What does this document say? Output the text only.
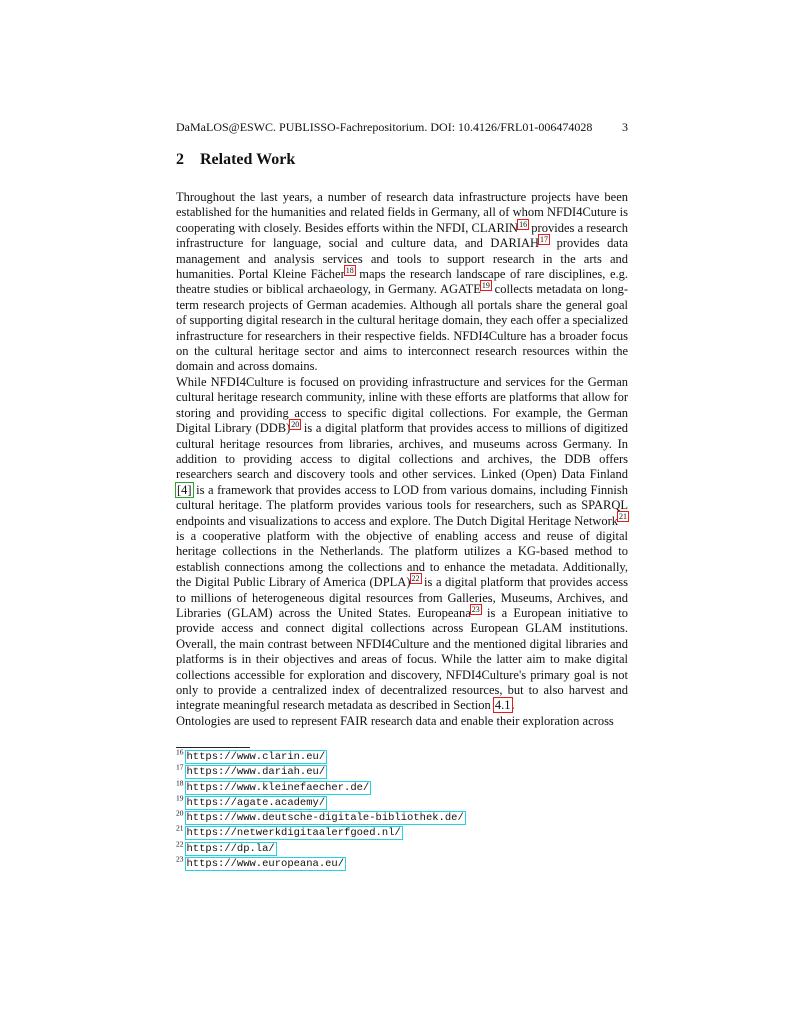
DaMaLOS@ESWC. PUBLISSO-Fachrepositorium. DOI: 10.4126/FRL01-006474028 3
2 Related Work

Throughout the last years, a number of research data infrastructure projects have been established for the humanities and related fields in Germany, all of whom NFDI4Cuture is cooperating with closely. Besides efforts within the NFDI, CLARIN$^{16}$ provides a research infrastructure for language, social and culture data, and DARIAH$^{17}$ provides data management and analysis services and tools to support research in the arts and humanities. Portal Kleine Fächer$^{18}$ maps the research landscape of rare disciplines, e.g. theatre studies or biblical archaeology, in Germany. AGATE$^{19}$ collects metadata on long-term research projects of German academies. Although all portals share the general goal of supporting digital research in the cultural heritage domain, they each offer a specialized infrastructure for researchers in their respective fields. NFDI4Culture has a broader focus on the cultural heritage sector and aims to interconnect research resources within the domain and across domains.

While NFDI4Culture is focused on providing infrastructure and services for the German cultural heritage research community, inline with these efforts are platforms that allow for storing and providing access to specific digital collections. For example, the German Digital Library (DDB)$^{20}$ is a digital platform that provides access to millions of digitized cultural heritage resources from libraries, archives, and museums across Germany. In addition to providing access to digital collections and archives, the DDB offers researchers search and discovery tools and other services. Linked (Open) Data Finland [4] is a framework that provides access to LOD from various domains, including Finnish cultural heritage. The platform provides various tools for researchers, such as SPARQL endpoints and visualizations to access and explore. The Dutch Digital Heritage Network$^{21}$ is a cooperative platform with the objective of enabling access and reuse of digital heritage collections in the Netherlands. The platform utilizes a KG-based method to establish connections among the collections and to enhance the metadata. Additionally, the Digital Public Library of America (DPLA)$^{22}$ is a digital platform that provides access to millions of heterogeneous digital resources from Galleries, Museums, Archives, and Libraries (GLAM) across the United States. Europeana$^{23}$ is a European initiative to provide access and connect digital collections across European GLAM institutions. Overall, the main contrast between NFDI4Culture and the mentioned digital libraries and platforms is in their objectives and areas of focus. While the latter aim to make digital collections accessible for exploration and discovery, NFDI4Culture's primary goal is not only to provide a centralized index of decentralized resources, but to also harvest and integrate meaningful research metadata as described in Section 4.1.

Ontologies are used to represent FAIR research data and enable their exploration across

$^{16}$ https://www.clarin.eu/
$^{17}$ https://www.dariah.eu/
$^{18}$ https://www.kleinefaecher.de/
$^{19}$ https://agate.academy/
$^{20}$ https://www.deutsche-digitale-bibliothek.de/
$^{21}$ https://netwerkdigitaalerfgoed.nl/
$^{22}$ https://dp.la/
$^{23}$ https://www.europeana.eu/
